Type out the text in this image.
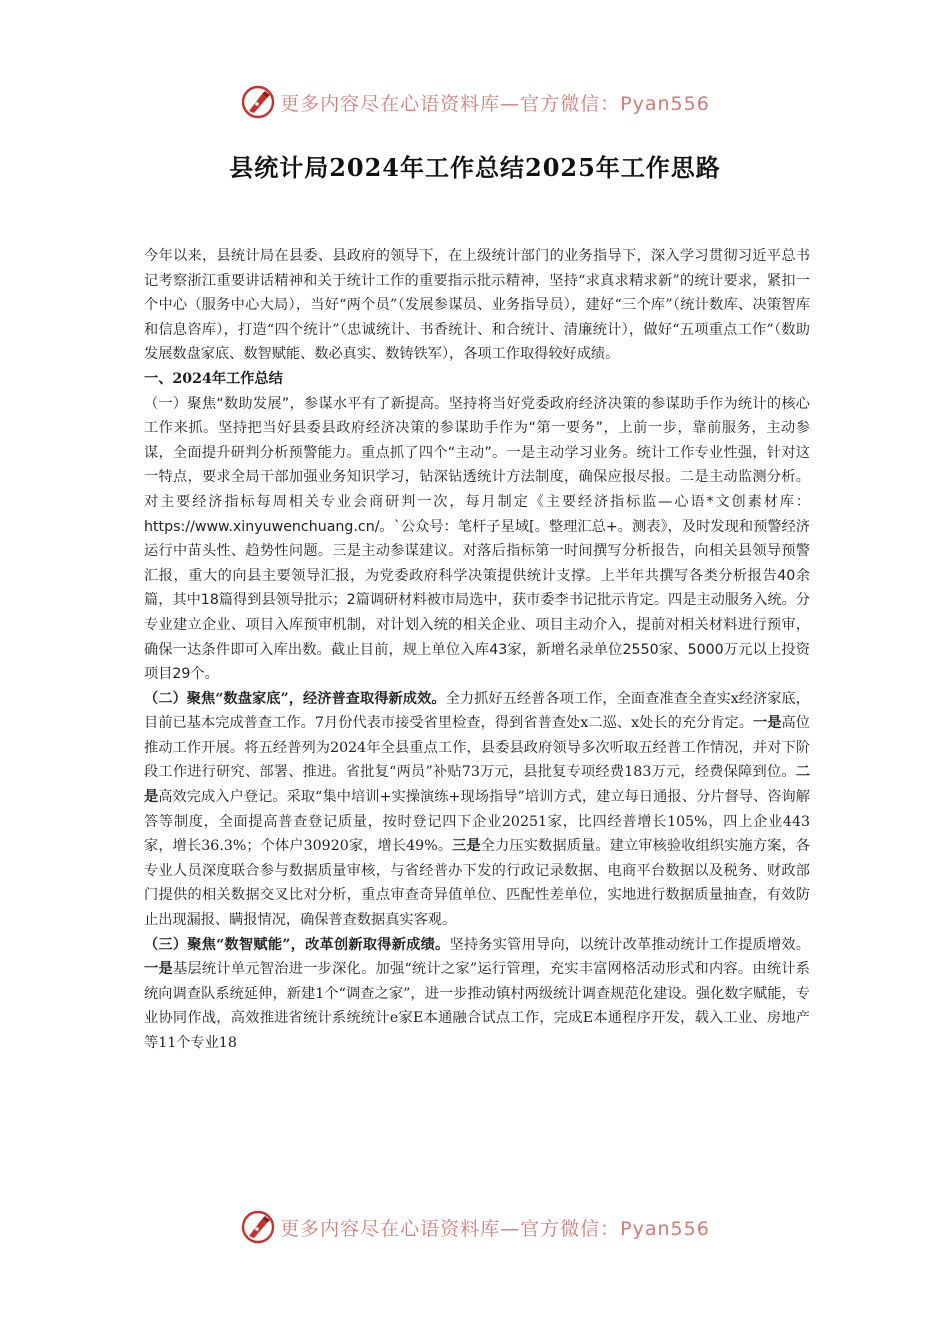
更多内容尽在心语资料库—官方微信：Pyan556
县统计局2024年工作总结2025年工作思路

今年以来，县统计局在县委、县政府的领导下，在上级统计部门的业务指导下，深入学习贯彻习近平总书记考察浙江重要讲话精神和关于统计工作的重要指示批示精神，坚持“求真求精求新”的统计要求，紧扣一个中心（服务中心大局），当好“两个员”（发展参谋员、业务指导员），建好“三个库”（统计数库、决策智库和信息咨库），打造“四个统计”（忠诚统计、书香统计、和合统计、清廉统计），做好“五项重点工作”（数助发展数盘家底、数智赋能、数必真实、数铸铁军），各项工作取得较好成绩。

一、2024年工作总结

（一）聚焦“数助发展”，参谋水平有了新提高。坚持将当好党委政府经济决策的参谋助手作为统计的核心工作来抓。坚持把当好县委县政府经济决策的参谋助手作为“第一要务”，上前一步，靠前服务，主动参谋，全面提升研判分析预警能力。重点抓了四个“主动”。一是主动学习业务。统计工作专业性强，针对这一特点，要求全局干部加强业务知识学习，钻深钻透统计方法制度，确保应报尽报。二是主动监测分析。对主要经济指标每周相关专业会商研判一次，每月制定《主要经济指标监—心语*文创素材库：https://www.xinyuwenchuang.cn/。`公众号：笔杆子星域[。整理汇总+。测表》，及时发现和预警经济运行中苗头性、趋势性问题。三是主动参谋建议。对落后指标第一时间撰写分析报告，向相关县领导预警汇报，重大的向县主要领导汇报，为党委政府科学决策提供统计支撑。上半年共撰写各类分析报告40余篇，其中18篇得到县领导批示；2篇调研材料被市局选中，获市委李书记批示肯定。四是主动服务入统。分专业建立企业、项目入库预审机制，对计划入统的相关企业、项目主动介入，提前对相关材料进行预审，确保一达条件即可入库出数。截止目前，规上单位入库43家，新增名录单位2550家、5000万元以上投资项目29个。

（二）聚焦“数盘家底”，经济普查取得新成效。全力抓好五经普各项工作，全面查准查全查实x经济家底，目前已基本完成普查工作。7月份代表市接受省里检查，得到省普查处x二巡、x处长的充分肯定。一是高位推动工作开展。将五经普列为2024年全县重点工作，县委县政府领导多次听取五经普工作情况，并对下阶段工作进行研究、部署、推进。省批复“两员”补贴73万元，县批复专项经费183万元，经费保障到位。二是高效完成入户登记。采取“集中培训+实操演练+现场指导”培训方式，建立每日通报、分片督导、咨询解答等制度，全面提高普查登记质量，按时登记四下企业20251家，比四经普增长105%，四上企业443家，增长36.3%；个体户30920家，增长49%。三是全力压实数据质量。建立审核验收组织实施方案，各专业人员深度联合参与数据质量审核，与省经普办下发的行政记录数据、电商平台数据以及税务、财政部门提供的相关数据交叉比对分析，重点审查奇异值单位、匹配性差单位，实地进行数据质量抽查，有效防止出现漏报、瞒报情况，确保普查数据真实客观。

（三）聚焦“数智赋能”，改革创新取得新成绩。坚持务实管用导向，以统计改革推动统计工作提质增效。一是基层统计单元智治进一步深化。加强“统计之家”运行管理，充实丰富网格活动形式和内容。由统计系统向调查队系统延伸，新建1个“调查之家”，进一步推动镇村两级统计调查规范化建设。强化数字赋能，专业协同作战，高效推进省统计系统统计e家E本通融合试点工作，完成E本通程序开发，载入工业、房地产等11个专业18

更多内容尽在心语资料库—官方微信：Pyan556
